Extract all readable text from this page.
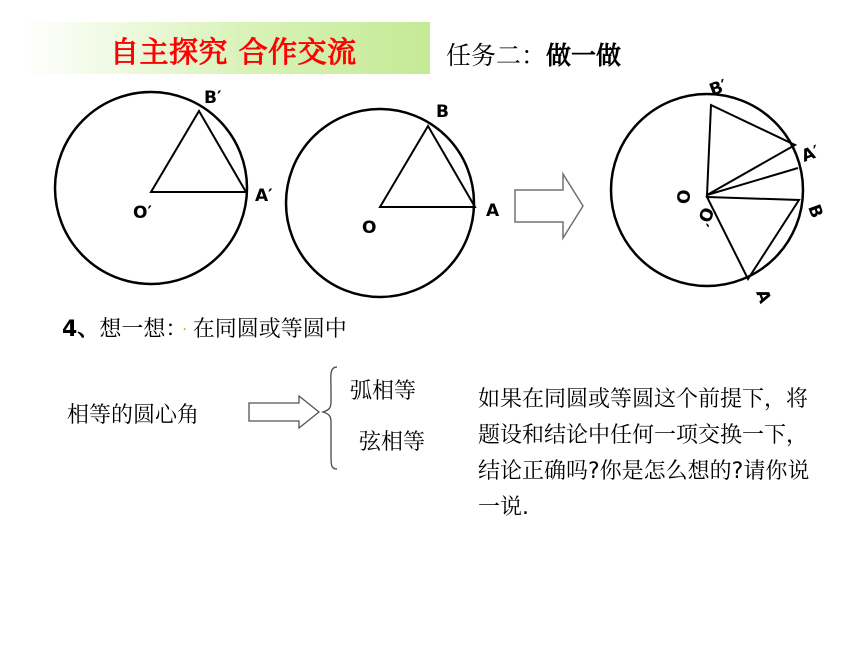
自主探究 合作交流	任务二：做一做
B′
A′
O′
B
A
O
B′
A′
B
A
O
O′
4、想一想： · 在同圆或等圆中
相等的圆心角
弧相等
弦相等
如果在同圆或等圆这个前提下，将题设和结论中任何一项交换一下，结论正确吗?你是怎么想的?请你说一说.
